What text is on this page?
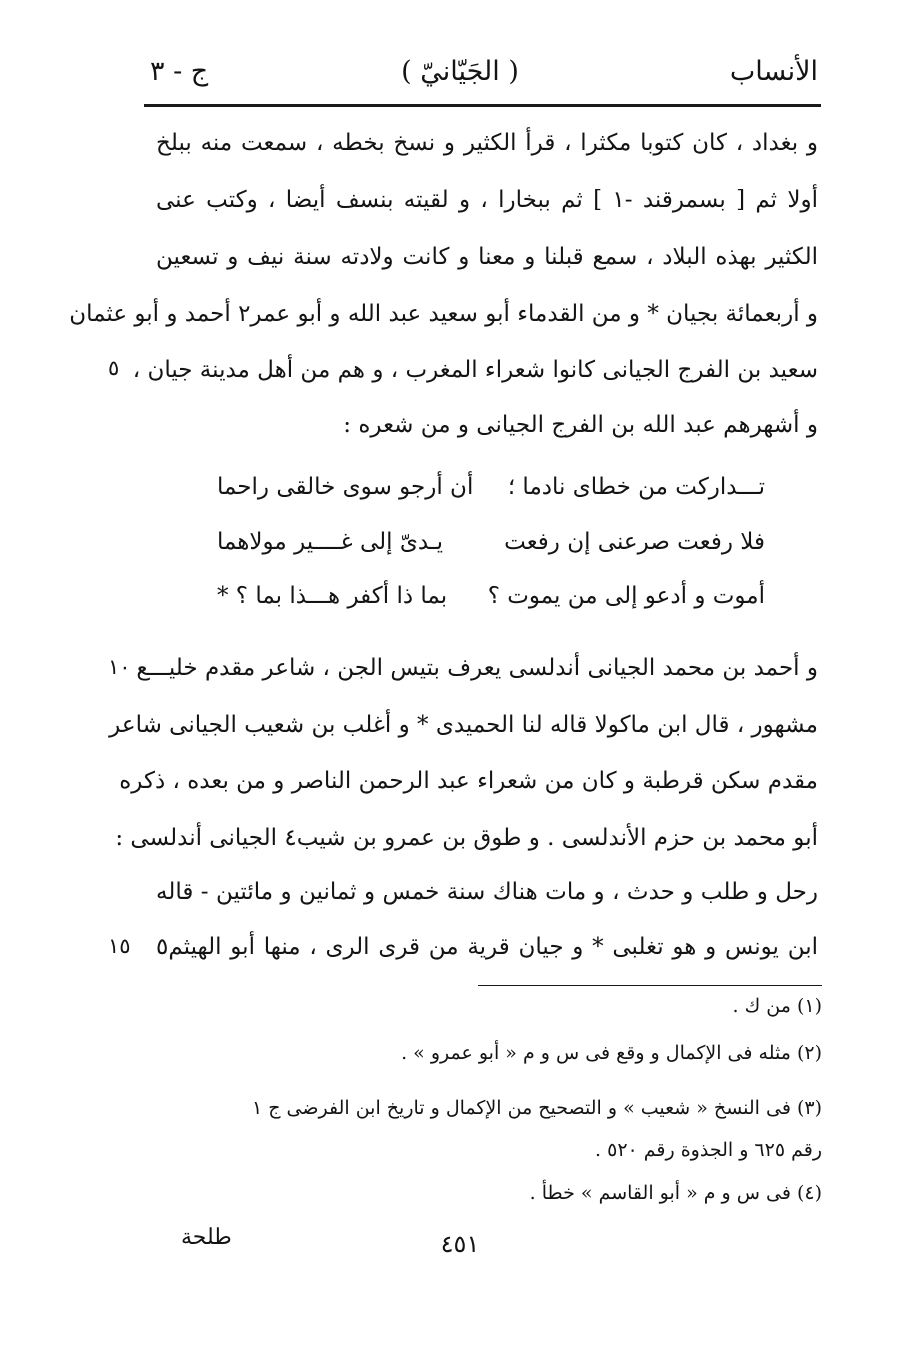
الأنساب
( الجَيّانيّ )
ج - ٣
و بغداد ، كان كتوبا مكثرا ، قرأ الكثير و نسخ بخطه ، سمعت منه ببلخ
أولا ثم [ بسمرقند -١ ] ثم ببخارا ، و لقيته بنسف أيضا ، وكتب عنى
الكثير بهذه البلاد ، سمع قبلنا و معنا و كانت ولادته سنة نيف و تسعين
و أربعمائة بجيان * و من القدماء أبو سعيد عبد الله و أبو عمر٢ أحمد و أبو عثمان
سعيد بن الفرج الجيانى كانوا شعراء المغرب ، و هم من أهل مدينة جيان ،
و أشهرهم عبد الله بن الفرج الجيانى و من شعره :
تـــداركت من خطاى نادما ؛
أن أرجو سوى خالقى راحما
فلا رفعت صرعنى إن رفعت
يـدىّ إلى غــــير مولاهما
أموت و أدعو إلى من يموت ؟
بما ذا أكفر هـــذا بما ؟ *
و أحمد بن محمد الجيانى أندلسى يعرف بتيس الجن ، شاعر مقدم خليـــع
مشهور ، قال ابن ماكولا قاله لنا الحميدى * و أغلب بن شعيب الجيانى شاعر
مقدم سكن قرطبة و كان من شعراء عبد الرحمن الناصر و من بعده ، ذكره
أبو محمد بن حزم الأندلسى . و طوق بن عمرو بن شيب٤ الجيانى أندلسى :
رحل و طلب و حدث ، و مات هناك سنة خمس و ثمانين و مائتين - قاله
ابن يونس و هو تغلبى * و جيان قرية من قرى الرى ، منها أبو الهيثم٥
٥
١٠
١٥
(١) من ك .
(٢) مثله فى الإكمال و وقع فى س و م « أبو عمرو » .
(٣) فى النسخ « شعيب » و التصحيح من الإكمال و تاريخ ابن الفرضى ج ١
رقم ٦٢٥ و الجذوة رقم ٥٢٠ .
(٤) فى س و م « أبو القاسم » خطأ .
طلحة	٤٥١
